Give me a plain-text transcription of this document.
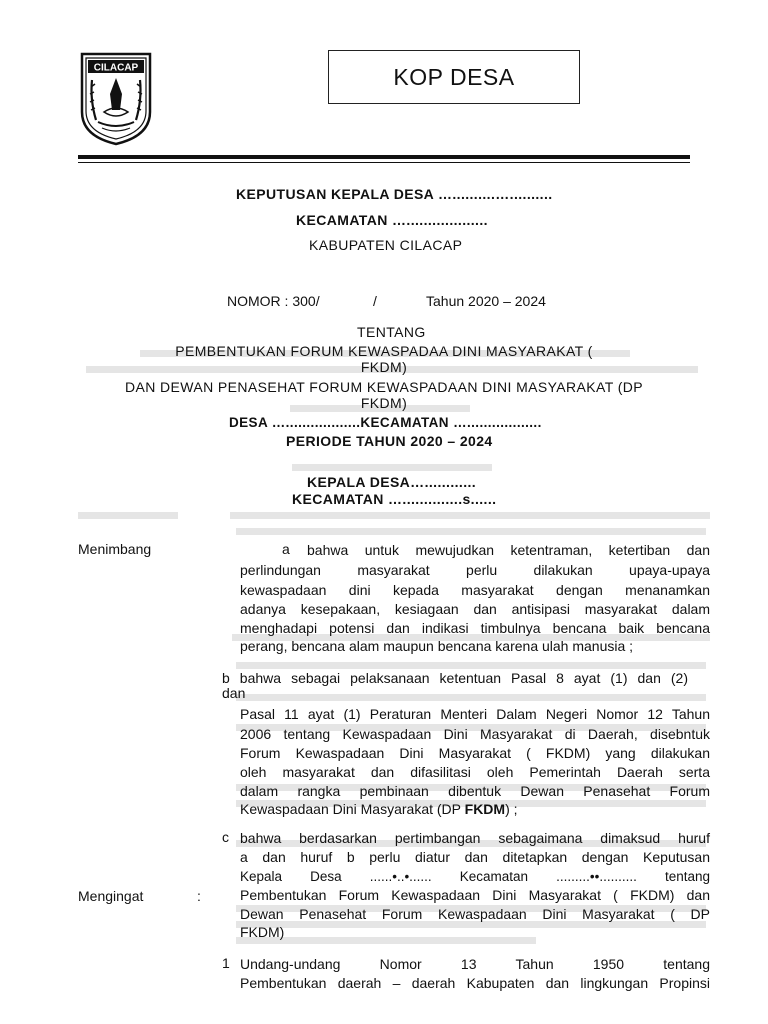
CILACAP	KOP DESA
KEPUTUSAN KEPALA DESA …..........…..........
KECAMATAN …...................
KABUPATEN CILACAP
NOMOR : 300/	/	Tahun 2020 – 2024
TENTANG
PEMBENTUKAN FORUM KEWASPADAA DINI MASYARAKAT (
FKDM)
DAN DEWAN PENASEHAT FORUM KEWASPADAAN DINI MASYARAKAT (DP
FKDM)
DESA …..................KECAMATAN …..................
PERIODE TAHUN 2020 – 2024
KEPALA DESA…............
KECAMATAN …..............s......
Menimbang	a bahwa untuk mewujudkan ketentraman, ketertiban dan
perlindungan masyarakat perlu dilakukan upaya-upaya
kewaspadaan dini kepada masyarakat dengan menanamkan
adanya kesepakaan, kesiagaan dan antisipasi masyarakat dalam
menghadapi potensi dan indikasi timbulnya bencana baik bencana
perang, bencana alam maupun bencana karena ulah manusia ;
b bahwa sebagai pelaksanaan ketentuan Pasal 8 ayat (1) dan (2)
dan
Pasal 11 ayat (1) Peraturan Menteri Dalam Negeri Nomor 12 Tahun
2006 tentang Kewaspadaan Dini Masyarakat di Daerah, disebntuk
Forum Kewaspadaan Dini Masyarakat ( FKDM) yang dilakukan
oleh masyarakat dan difasilitasi oleh Pemerintah Daerah serta
dalam rangka pembinaan dibentuk Dewan Penasehat Forum
Kewaspadaan Dini Masyarakat (DP FKDM) ;
c bahwa berdasarkan pertimbangan sebagaimana dimaksud huruf
a dan huruf b perlu diatur dan ditetapkan dengan Keputusan
Kepala Desa ......•..•...... Kecamatan .........••.......... tentang
Pembentukan Forum Kewaspadaan Dini Masyarakat ( FKDM) dan
Dewan Penasehat Forum Kewaspadaan Dini Masyarakat ( DP
FKDM)
Mengingat	:
1 Undang-undang Nomor 13 Tahun 1950 tentang
Pembentukan daerah – daerah Kabupaten dan lingkungan Propinsi
